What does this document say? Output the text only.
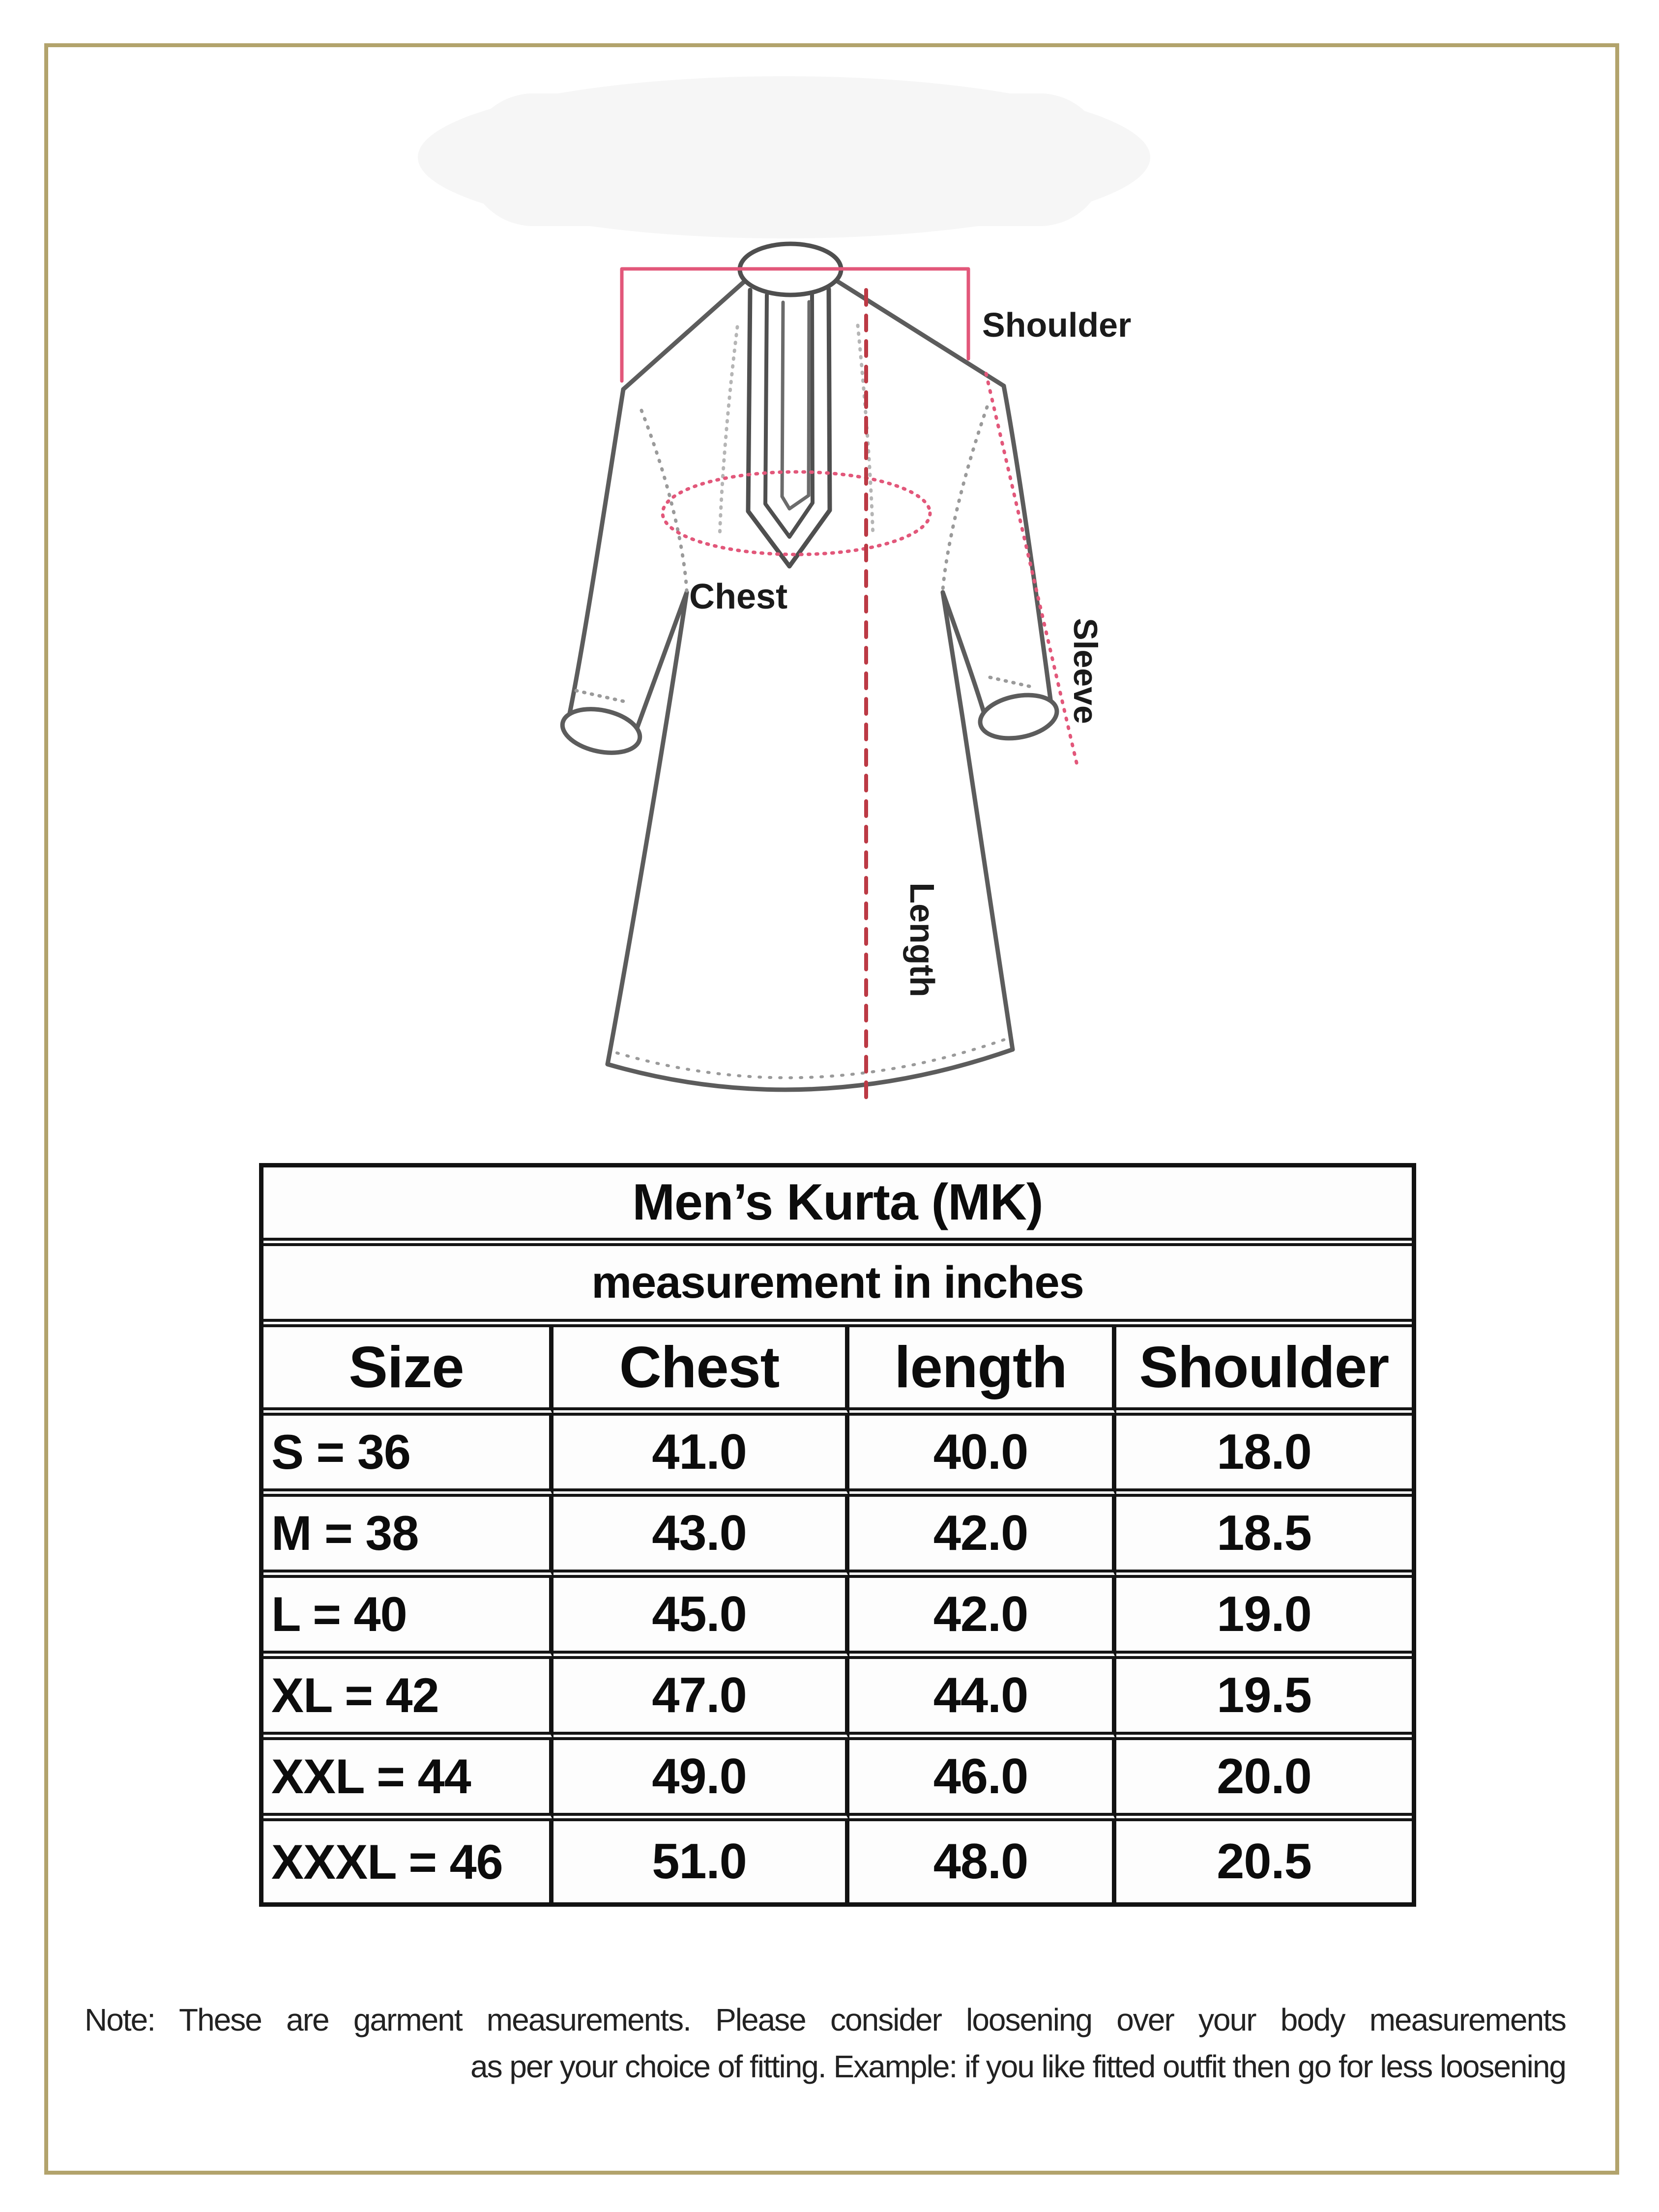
Shoulder
Chest
Sleeve
Length
Men’s Kurta (MK)
measurement in inches
Size	Chest	length	Shoulder
S = 36	41.0	40.0	18.0
M = 38	43.0	42.0	18.5
L = 40	45.0	42.0	19.0
XL = 42	47.0	44.0	19.5
XXL = 44	49.0	46.0	20.0
XXXL = 46	51.0	48.0	20.5
Note: These are garment measurements. Please consider loosening over your body measurements
as per your choice of fitting. Example: if you like fitted outfit then go for less loosening
